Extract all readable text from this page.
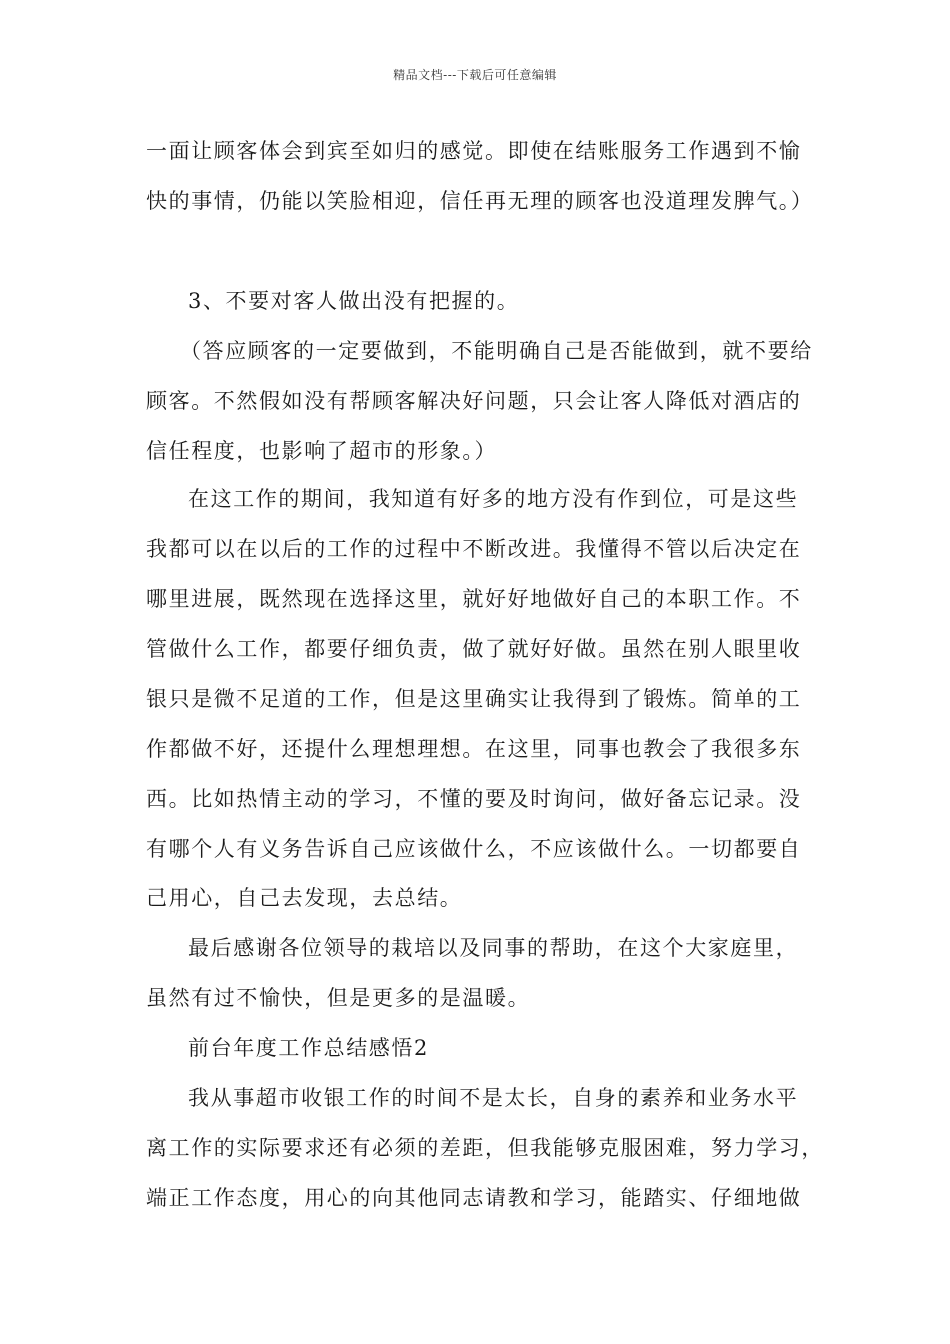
精品文档---下载后可任意编辑
一面让顾客体会到宾至如归的感觉。即使在结账服务工作遇到不愉
快的事情，仍能以笑脸相迎，信任再无理的顾客也没道理发脾气。）
3、不要对客人做出没有把握的。
（答应顾客的一定要做到，不能明确自己是否能做到，就不要给
顾客。不然假如没有帮顾客解决好问题，只会让客人降低对酒店的
信任程度，也影响了超市的形象。）
在这工作的期间，我知道有好多的地方没有作到位，可是这些
我都可以在以后的工作的过程中不断改进。我懂得不管以后决定在
哪里进展，既然现在选择这里，就好好地做好自己的本职工作。不
管做什么工作，都要仔细负责，做了就好好做。虽然在别人眼里收
银只是微不足道的工作，但是这里确实让我得到了锻炼。简单的工
作都做不好，还提什么理想理想。在这里，同事也教会了我很多东
西。比如热情主动的学习，不懂的要及时询问，做好备忘记录。没
有哪个人有义务告诉自己应该做什么，不应该做什么。一切都要自
己用心，自己去发现，去总结。
最后感谢各位领导的栽培以及同事的帮助，在这个大家庭里，
虽然有过不愉快，但是更多的是温暖。
前台年度工作总结感悟2
我从事超市收银工作的时间不是太长，自身的素养和业务水平
离工作的实际要求还有必须的差距，但我能够克服困难，努力学习，
端正工作态度，用心的向其他同志请教和学习，能踏实、仔细地做
